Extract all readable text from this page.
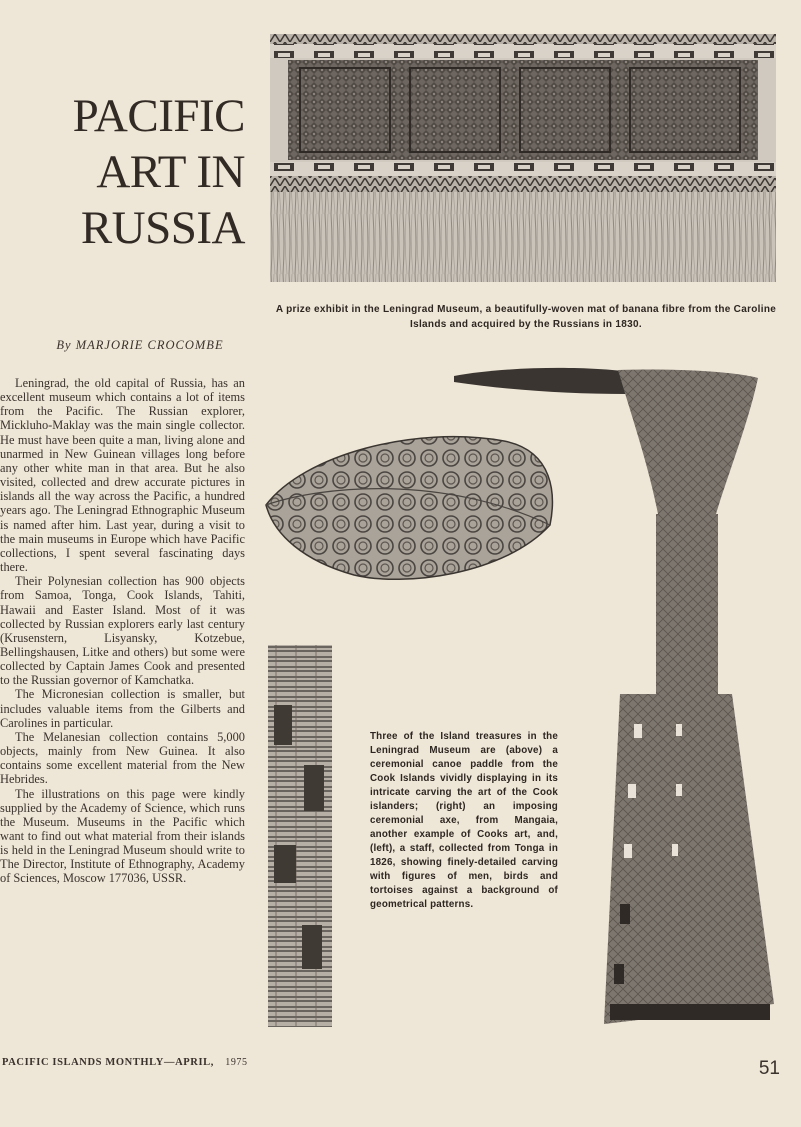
PACIFIC
ART IN
RUSSIA
A prize exhibit in the Leningrad Museum, a beautifully-woven mat of banana fibre from the Caroline Islands and acquired by the Russians in 1830.
By MARJORIE CROCOMBE

Leningrad, the old capital of Russia, has an excellent museum which contains a lot of items from the Pacific. The Russian explorer, Mickluho-Maklay was the main single collector. He must have been quite a man, living alone and unarmed in New Guinean villages long before any other white man in that area. But he also visited, collected and drew accurate pictures in islands all the way across the Pacific, a hundred years ago. The Leningrad Ethnographic Museum is named after him. Last year, during a visit to the main museums in Europe which have Pacific collections, I spent several fascinating days there.

Their Polynesian collection has 900 objects from Samoa, Tonga, Cook Islands, Tahiti, Hawaii and Easter Island. Most of it was collected by Russian explorers early last century (Krusenstern, Lisyansky, Kotzebue, Bellingshausen, Litke and others) but some were collected by Captain James Cook and presented to the Russian governor of Kamchatka.

The Micronesian collection is smaller, but includes valuable items from the Gilberts and Carolines in particular.

The Melanesian collection contains 5,000 objects, mainly from New Guinea. It also contains some excellent material from the New Hebrides.

The illustrations on this page were kindly supplied by the Academy of Science, which runs the Museum. Museums in the Pacific which want to find out what material from their islands is held in the Leningrad Museum should write to The Director, Institute of Ethnography, Academy of Sciences, Moscow 177036, USSR.

Three of the Island treasures in the Leningrad Museum are (above) a ceremonial canoe paddle from the Cook Islands vividly displaying in its intricate carving the art of the Cook islanders; (right) an imposing ceremonial axe, from Mangaia, another example of Cooks art, and, (left), a staff, collected from Tonga in 1826, showing finely-detailed carving with figures of men, birds and tortoises against a background of geometrical patterns.
PACIFIC ISLANDS MONTHLY—APRIL, 1975	51
